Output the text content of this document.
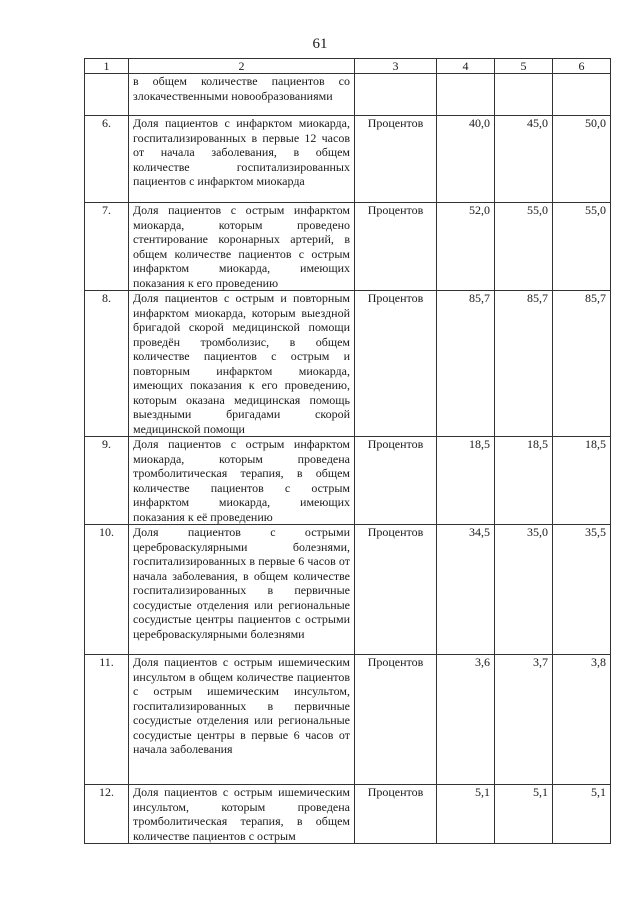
61
1	2	3	4	5	6
	в общем количестве пациентов со злокачественными новообразованиями				
6.	Доля пациентов с инфарктом миокарда, госпитализированных в первые 12 часов от начала заболевания, в общем количестве госпитализированных пациентов с инфарктом миокарда	Процентов	40,0	45,0	50,0
7.	Доля пациентов с острым инфарктом миокарда, которым проведено стентирование коронарных артерий, в общем количестве пациентов с острым инфарктом миокарда, имеющих показания к его проведению	Процентов	52,0	55,0	55,0
8.	Доля пациентов с острым и повторным инфарктом миокарда, которым выездной бригадой скорой медицинской помощи проведён тромболизис, в общем количестве пациентов с острым и повторным инфарктом миокарда, имеющих показания к его проведению, которым оказана медицинская помощь выездными бригадами скорой медицинской помощи	Процентов	85,7	85,7	85,7
9.	Доля пациентов с острым инфарктом миокарда, которым проведена тромболитическая терапия, в общем количестве пациентов с острым инфарктом миокарда, имеющих показания к её проведению	Процентов	18,5	18,5	18,5
10.	Доля пациентов с острыми цереброваскулярными болезнями, госпитализированных в первые 6 часов от начала заболевания, в общем количестве госпитализированных в первичные сосудистые отделения или региональные сосудистые центры пациентов с острыми цереброваскулярными болезнями	Процентов	34,5	35,0	35,5
11.	Доля пациентов с острым ишемическим инсультом в общем количестве пациентов с острым ишемическим инсультом, госпитализированных в первичные сосудистые отделения или региональные сосудистые центры в первые 6 часов от начала заболевания	Процентов	3,6	3,7	3,8
12.	Доля пациентов с острым ишемическим инсультом, которым проведена тромболитическая терапия, в общем количестве пациентов с острым	Процентов	5,1	5,1	5,1
